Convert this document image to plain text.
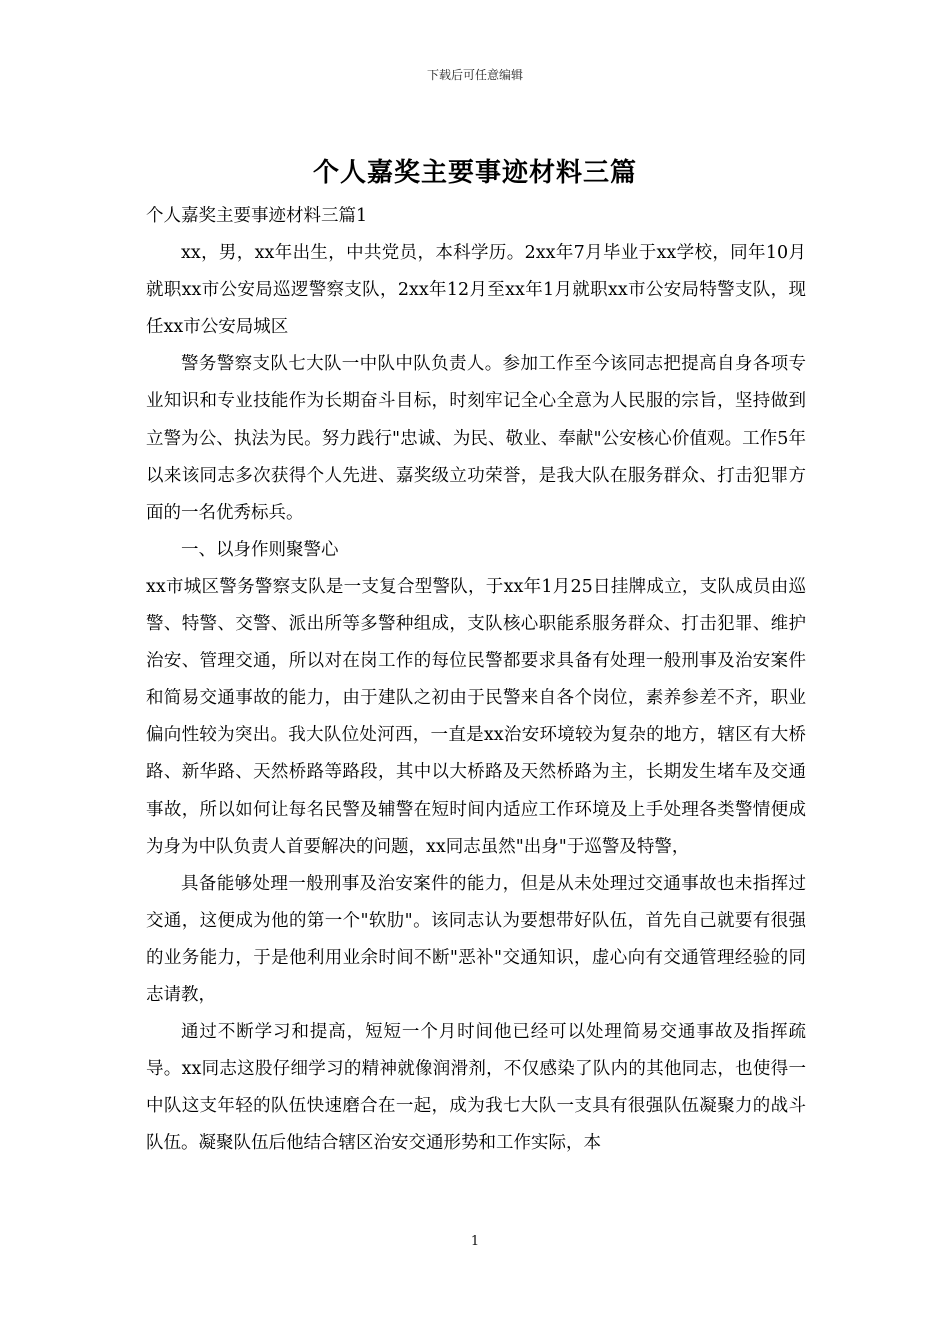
下载后可任意编辑
个人嘉奖主要事迹材料三篇

个人嘉奖主要事迹材料三篇1

xx，男，xx年出生，中共党员，本科学历。2xx年7月毕业于xx学校，同年10月就职xx市公安局巡逻警察支队，2xx年12月至xx年1月就职xx市公安局特警支队，现任xx市公安局城区

警务警察支队七大队一中队中队负责人。参加工作至今该同志把提高自身各项专业知识和专业技能作为长期奋斗目标，时刻牢记全心全意为人民服的宗旨，坚持做到立警为公、执法为民。努力践行"忠诚、为民、敬业、奉献"公安核心价值观。工作5年以来该同志多次获得个人先进、嘉奖级立功荣誉，是我大队在服务群众、打击犯罪方面的一名优秀标兵。

一、以身作则聚警心

xx市城区警务警察支队是一支复合型警队，于xx年1月25日挂牌成立，支队成员由巡警、特警、交警、派出所等多警种组成，支队核心职能系服务群众、打击犯罪、维护治安、管理交通，所以对在岗工作的每位民警都要求具备有处理一般刑事及治安案件和简易交通事故的能力，由于建队之初由于民警来自各个岗位，素养参差不齐，职业偏向性较为突出。我大队位处河西，一直是xx治安环境较为复杂的地方，辖区有大桥路、新华路、天然桥路等路段，其中以大桥路及天然桥路为主，长期发生堵车及交通事故，所以如何让每名民警及辅警在短时间内适应工作环境及上手处理各类警情便成为身为中队负责人首要解决的问题，xx同志虽然"出身"于巡警及特警，

具备能够处理一般刑事及治安案件的能力，但是从未处理过交通事故也未指挥过交通，这便成为他的第一个"软肋"。该同志认为要想带好队伍，首先自己就要有很强的业务能力，于是他利用业余时间不断"恶补"交通知识，虚心向有交通管理经验的同志请教，

通过不断学习和提高，短短一个月时间他已经可以处理简易交通事故及指挥疏导。xx同志这股仔细学习的精神就像润滑剂，不仅感染了队内的其他同志，也使得一中队这支年轻的队伍快速磨合在一起，成为我七大队一支具有很强队伍凝聚力的战斗队伍。凝聚队伍后他结合辖区治安交通形势和工作实际，本

1
